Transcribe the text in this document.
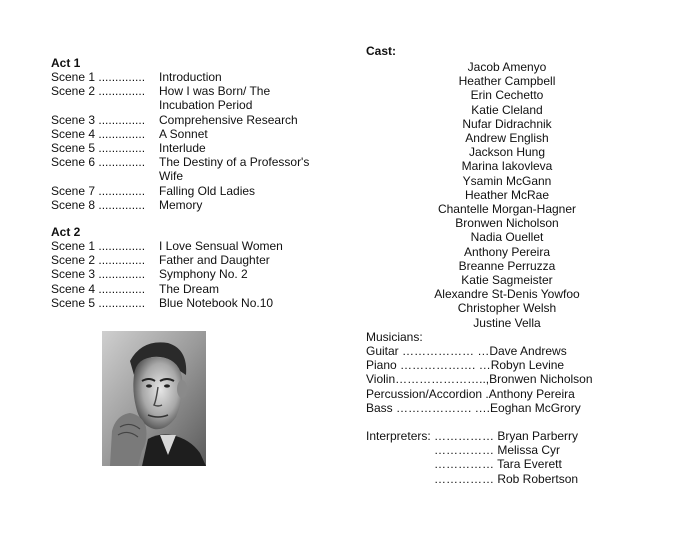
Act 1
Scene 1 ..............	Introduction
Scene 2 ..............	How I was Born/ The Incubation Period
Scene 3 ..............	Comprehensive Research
Scene 4 ..............	A Sonnet
Scene 5 ..............	Interlude
Scene 6 ..............	The Destiny of a Professor's Wife
Scene 7 ..............	Falling Old Ladies
Scene 8 ..............	Memory
Act 2
Scene 1 ..............	I Love Sensual Women
Scene 2 ..............	Father and Daughter
Scene 3 ..............	Symphony No. 2
Scene 4 ..............	The Dream
Scene 5 ..............	Blue Notebook No.10
Cast:
Jacob Amenyo
Heather Campbell
Erin Cechetto
Katie Cleland
Nufar Didrachnik
Andrew English
Jackson Hung
Marina Iakovleva
Ysamin McGann
Heather McRae
Chantelle Morgan-Hagner
Bronwen Nicholson
Nadia Ouellet
Anthony Pereira
Breanne Perruzza
Katie Sagmeister
Alexandre St-Denis Yowfoo
Christopher Welsh
Justine Vella
Musicians:
Guitar ……………… …Dave Andrews
Piano ………………. …Robyn Levine
Violin…………………..,Bronwen Nicholson
Percussion/Accordion .Anthony Pereira
Bass ………………. ….Eoghan McGrory
Interpreters: …………… Bryan Parberry
…………… Melissa Cyr
…………… Tara Everett
…………… Rob Robertson
